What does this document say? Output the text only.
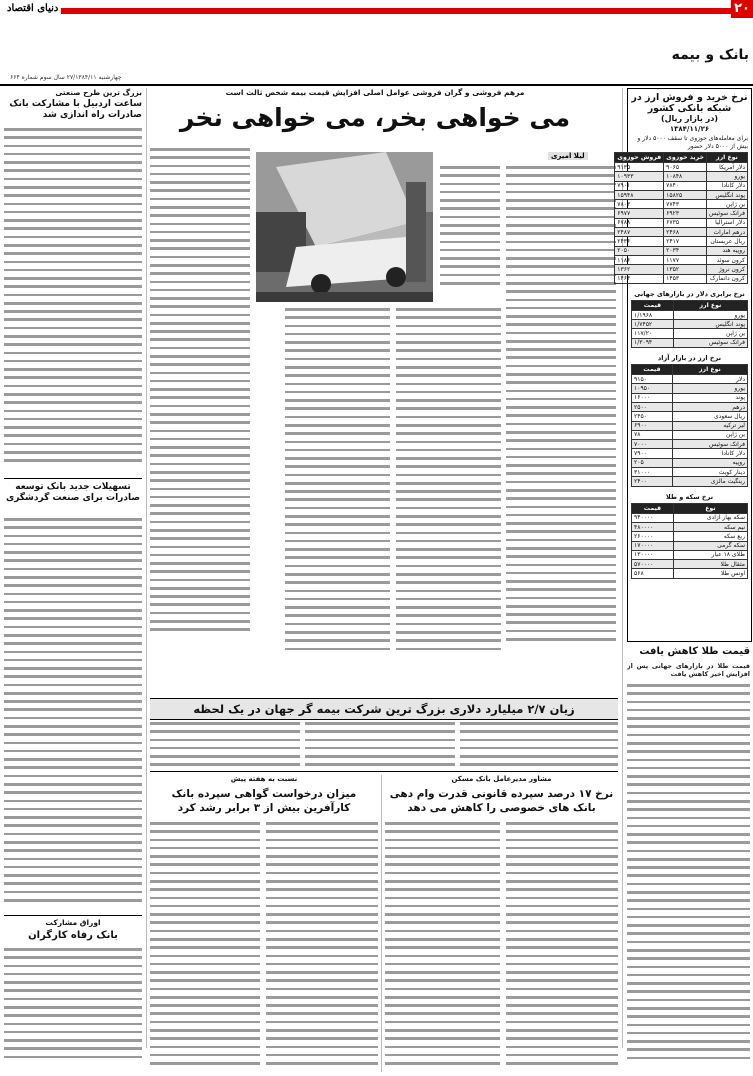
۲۰
دنیای اقتصاد
بانک و بیمه
چهارشنبه ۲۷/۱۳۸۴/۱۱ سال سوم شماره ۶۶۴
مرهم فروشی و گران فروشی عوامل اصلی افزایش قیمت بیمه شخص ثالث است
می خواهی بخر، می خواهی نخر
لیلا امیری
بزرگ ترین طرح صنعتی
ساعت اردبیل با مشارکت بانک صادرات راه اندازی شد
تسهیلات جدید بانک توسعه صادرات برای صنعت گردشگری
اوراق مشارکت
بانک رفاه کارگران
نرخ خرید و فروش ارز در شبکه بانکی کشور
(در بازار ریال)
۱۳۸۴/۱۱/۲۶
برای معامله‌های حوزوی تا سقف ۵۰۰۰ دلار و بیش از ۵۰۰۰ دلار حضور
نوع ارز	خرید حوزوی	فروش حوزوی
دلار آمریکا	۹۰۶۵	۹۱۳۵
یورو	۱۰۸۴۸	۱۰۹۳۳
دلار کانادا	۷۸۴۰	۷۹۰۱
پوند انگلیس	۱۵۸۲۵	۱۵۹۴۸
ین ژاپن	۷۷۴۳	۷۸۰۳
فرانک سوئیس	۶۹۲۳	۶۹۷۷
دلار استرالیا	۶۷۳۵	۶۷۸۸
درهم امارات	۲۴۶۸	۲۴۸۷
ریال عربستان	۲۴۱۷	۲۴۳۶
روپیه هند	۲۰۳۴	۲۰۵۰
کرون سوئد	۱۱۷۷	۱۱۸۶
کرون نروژ	۱۳۵۲	۱۳۶۲
کرون دانمارک	۱۴۵۳	۱۴۶۴
نرخ برابری دلار در بازارهای جهانی
نوع ارز	قیمت
یورو	۱/۱۹۶۸
پوند انگلیس	۱/۷۴۵۲
ین ژاپن	۱۱۷/۲۰
فرانک سوئیس	۱/۳۰۹۴
نرخ ارز در بازار آزاد
نوع ارز	قیمت
دلار	۹۱۵۰
یورو	۱۰۹۵۰
پوند	۱۶۰۰۰
درهم	۲۵۰۰
ریال سعودی	۲۴۵۰
لیر ترکیه	۶۹۰۰
ین ژاپن	۷۸
فرانک سوئیس	۷۰۰۰
دلار کانادا	۷۹۰۰
روپیه	۲۰۵
دینار کویت	۳۱۰۰۰
رینگیت مالزی	۲۴۰۰
نرخ سکه و طلا
نوع	قیمت
سکه بهار آزادی	۹۴۰۰۰۰
نیم سکه	۴۸۰۰۰۰
ربع سکه	۲۶۰۰۰۰
سکه گرمی	۱۷۰۰۰۰
طلای ۱۸ عیار	۱۳۰۰۰۰
مثقال طلا	۵۷۰۰۰۰
اونس طلا	۵۶۸
قیمت طلا کاهش یافت
قیمت طلا در بازارهای جهانی پس از افزایش اخیر کاهش یافت
زیان ۲/۷ میلیارد دلاری بزرگ ترین شرکت بیمه گر جهان در یک لحظه
مشاور مدیرعامل بانک مسکن
نرخ ۱۷ درصد سپرده قانونی قدرت وام دهی بانک های خصوصی را کاهش می دهد
نسبت به هفته پیش
میزان درخواست گواهی سپرده بانک کارآفرین بیش از ۳ برابر رشد کرد
